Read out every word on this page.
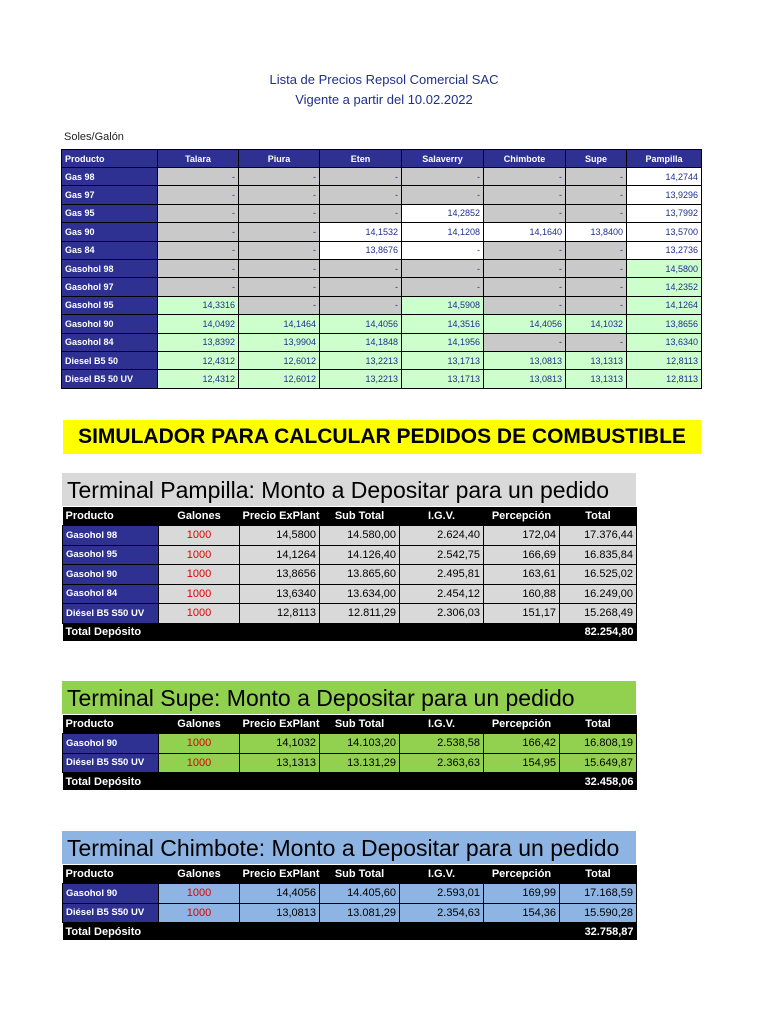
Lista de Precios Repsol Comercial SAC
Vigente a partir del 10.02.2022
Soles/Galón
Producto	Talara	Piura	Eten	Salaverry	Chimbote	Supe	Pampilla
Gas 98	-	-	-	-	-	-	14,2744
Gas 97	-	-	-	-	-	-	13,9296
Gas 95	-	-	-	14,2852	-	-	13,7992
Gas 90	-	-	14,1532	14,1208	14,1640	13,8400	13,5700
Gas 84	-	-	13,8676	-	-	-	13,2736
Gasohol 98	-	-	-	-	-	-	14,5800
Gasohol 97	-	-	-	-	-	-	14,2352
Gasohol 95	14,3316	-	-	14,5908	-	-	14,1264
Gasohol 90	14,0492	14,1464	14,4056	14,3516	14,4056	14,1032	13,8656
Gasohol 84	13,8392	13,9904	14,1848	14,1956	-	-	13,6340
Diesel B5 50	12,4312	12,6012	13,2213	13,1713	13,0813	13,1313	12,8113
Diesel B5 50 UV	12,4312	12,6012	13,2213	13,1713	13,0813	13,1313	12,8113
SIMULADOR PARA CALCULAR PEDIDOS DE COMBUSTIBLE
Terminal Pampilla: Monto a Depositar para un pedido
Producto	Galones	Precio ExPlant	Sub Total	I.G.V.	Percepción	Total
Gasohol 98	1000	14,5800	14.580,00	2.624,40	172,04	17.376,44
Gasohol 95	1000	14,1264	14.126,40	2.542,75	166,69	16.835,84
Gasohol 90	1000	13,8656	13.865,60	2.495,81	163,61	16.525,02
Gasohol 84	1000	13,6340	13.634,00	2.454,12	160,88	16.249,00
Diésel B5 S50 UV	1000	12,8113	12.811,29	2.306,03	151,17	15.268,49
Total Depósito						82.254,80
Terminal Supe: Monto a Depositar para un pedido
Producto	Galones	Precio ExPlant	Sub Total	I.G.V.	Percepción	Total
Gasohol 90	1000	14,1032	14.103,20	2.538,58	166,42	16.808,19
Diésel B5 S50 UV	1000	13,1313	13.131,29	2.363,63	154,95	15.649,87
Total Depósito						32.458,06
Terminal Chimbote: Monto a Depositar para un pedido
Producto	Galones	Precio ExPlant	Sub Total	I.G.V.	Percepción	Total
Gasohol 90	1000	14,4056	14.405,60	2.593,01	169,99	17.168,59
Diésel B5 S50 UV	1000	13,0813	13.081,29	2.354,63	154,36	15.590,28
Total Depósito						32.758,87
